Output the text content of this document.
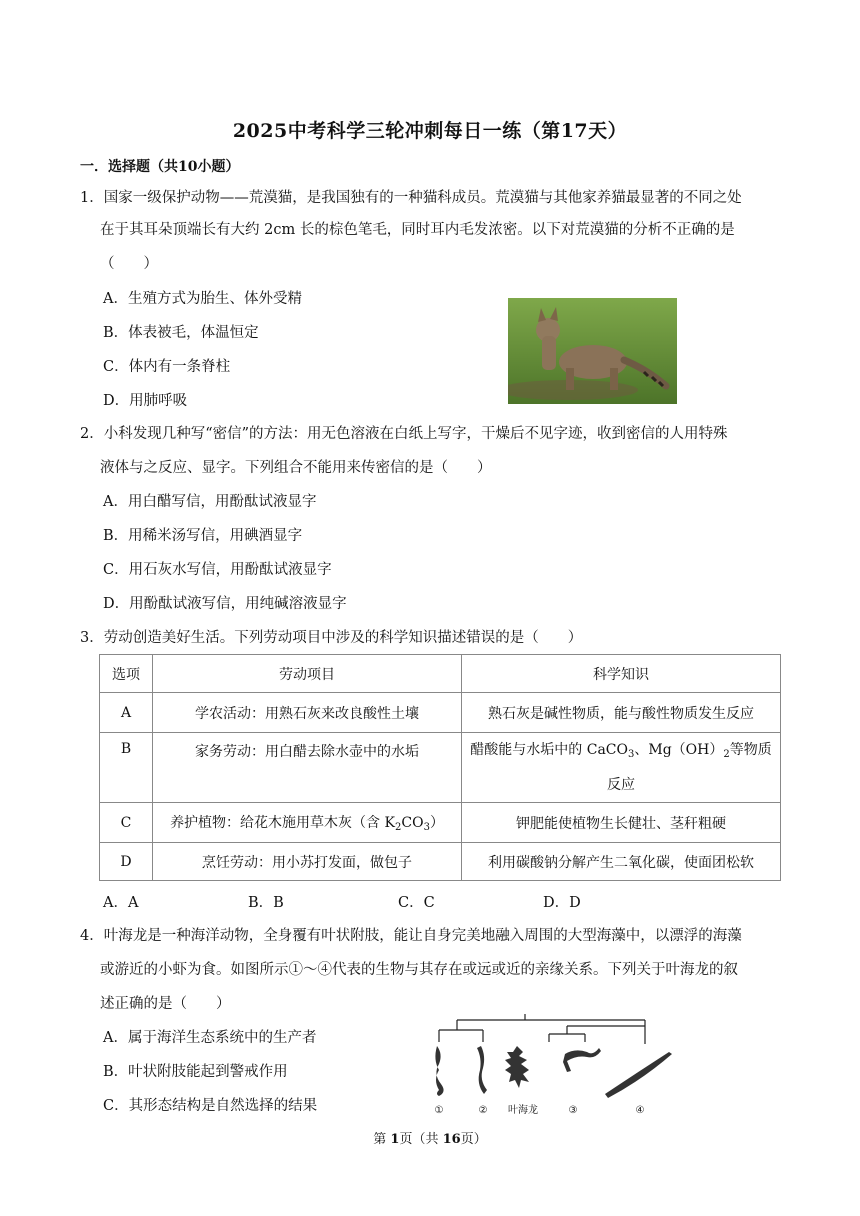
2025中考科学三轮冲刺每日一练（第17天）
一．选择题（共10小题）
1．国家一级保护动物——荒漠猫，是我国独有的一种猫科成员。荒漠猫与其他家养猫最显著的不同之处
在于其耳朵顶端长有大约 2cm 长的棕色笔毛，同时耳内毛发浓密。以下对荒漠猫的分析不正确的是
（　　）
A．生殖方式为胎生、体外受精
B．体表被毛，体温恒定
C．体内有一条脊柱
D．用肺呼吸
2．小科发现几种写“密信”的方法：用无色溶液在白纸上写字，干燥后不见字迹，收到密信的人用特殊
液体与之反应、显字。下列组合不能用来传密信的是（　　）
A．用白醋写信，用酚酞试液显字
B．用稀米汤写信，用碘酒显字
C．用石灰水写信，用酚酞试液显字
D．用酚酞试液写信，用纯碱溶液显字
3．劳动创造美好生活。下列劳动项目中涉及的科学知识描述错误的是（　　）
选项	劳动项目	科学知识
A	学农活动：用熟石灰来改良酸性土壤	熟石灰是碱性物质，能与酸性物质发生反应
B	家务劳动：用白醋去除水壶中的水垢	醋酸能与水垢中的 CaCO$_3$、$Mg(OH)_2$等物质
反应
C	养护植物：给花木施用草木灰（含 $K_2CO_3$）	钾肥能使植物生长健壮、茎秆粗硬
D	烹饪劳动：用小苏打发面，做包子	利用碳酸钠分解产生二氧化碳，使面团松软
A．A	B．B	C．C	D．D
4．叶海龙是一种海洋动物，全身覆有叶状附肢，能让自身完美地融入周围的大型海藻中，以漂浮的海藻
或游近的小虾为食。如图所示①～④代表的生物与其存在或远或近的亲缘关系。下列关于叶海龙的叙
述正确的是（　　）
A．属于海洋生态系统中的生产者
B．叶状附肢能起到警戒作用
C．其形态结构是自然选择的结果	①	② 叶海龙	③	④
第 1页（共 16页）
